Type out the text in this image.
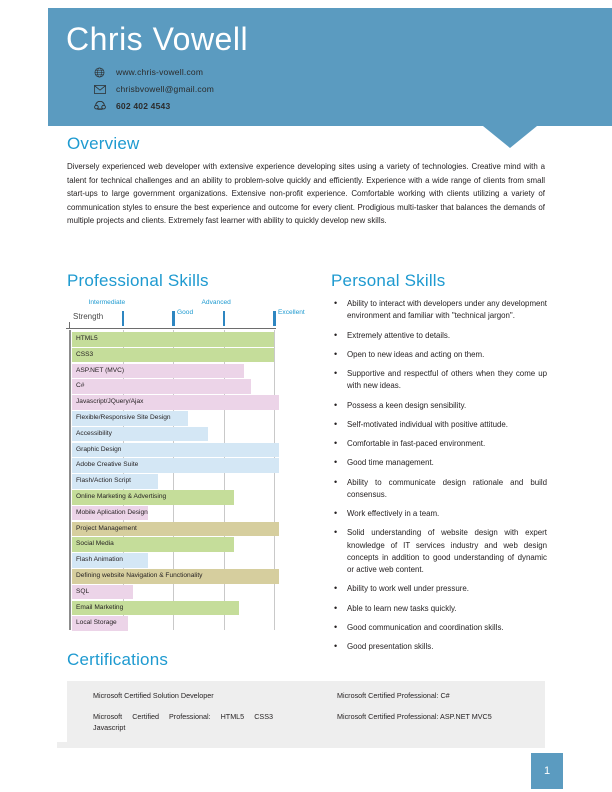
Chris Vowell
www.chris-vowell.com
chrisbvowell@gmail.com
602 402 4543
Overview
Diversely experienced web developer with extensive experience developing sites using a variety of technologies. Creative mind with a talent for technical challenges and an ability to problem-solve quickly and efficiently. Experience with a wide range of clients from small start-ups to large government organizations. Extensive non-profit experience. Comfortable working with clients utilizing a variety of communication styles to ensure the best experience and outcome for every client. Prodigious multi-tasker that balances the demands of multiple projects and clients. Extremely fast learner with ability to quickly develop new skills.
Professional Skills
Strength
Intermediate
Good
Advanced
Excellent
HTML5
CSS3
ASP.NET (MVC)
C#
Javascript/JQuery/Ajax
Flexible/Responsive Site Design
Accessibility
Graphic Design
Adobe Creative Suite
Flash/Action Script
Online Marketing & Advertising
Mobile Aplication Design
Project Management
Social Media
Flash Animation
Defining website Navigation & Functionality
SQL
Email Marketing
Local Storage
Personal Skills
• Ability to interact with developers under any development environment and familiar with "technical jargon".
• Extremely attentive to details.
• Open to new ideas and acting on them.
• Supportive and respectful of others when they come up with new ideas.
• Possess a keen design sensibility.
• Self-motivated individual with positive attitude.
• Comfortable in fast-paced environment.
• Good time management.
• Ability to communicate design rationale and build consensus.
• Work effectively in a team.
• Solid understanding of website design with expert knowledge of IT services industry and web design concepts in addition to good understanding of dynamic or active web content.
• Ability to work well under pressure.
• Able to learn new tasks quickly.
• Good communication and coordination skills.
• Good presentation skills.
Certifications
Microsoft Certified Solution Developer
Microsoft Certified Professional: HTML5 CSS3 Javascript
Microsoft Certified Professional: C#
Microsoft Certified Professional: ASP.NET MVC5
1
